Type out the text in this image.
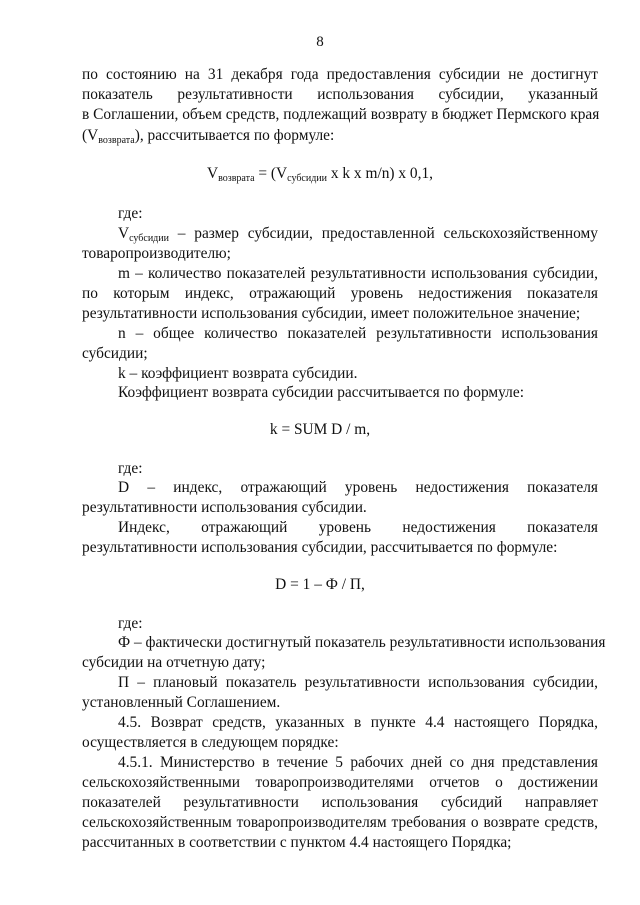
8
по состоянию на 31 декабря года предоставления субсидии не достигнут
показатель результативности использования субсидии, указанный
в Соглашении, объем средств, подлежащий возврату в бюджет Пермского края
$(V_{возврата})$, рассчитывается по формуле:
$V_{возврата} = (V_{субсидии}$ х k х m/n) х 0,1,
где:
$V_{субсидии}$ – размер субсидии, предоставленной сельскохозяйственному
товаропроизводителю;
m – количество показателей результативности использования субсидии,
по которым индекс, отражающий уровень недостижения показателя
результативности использования субсидии, имеет положительное значение;
n – общее количество показателей результативности использования
субсидии;
k – коэффициент возврата субсидии.
Коэффициент возврата субсидии рассчитывается по формуле:
k = SUM D / m,
где:
D – индекс, отражающий уровень недостижения показателя
результативности использования субсидии.
Индекс, отражающий уровень недостижения показателя
результативности использования субсидии, рассчитывается по формуле:
D = 1 – Ф / П,
где:
Ф – фактически достигнутый показатель результативности использования
субсидии на отчетную дату;
П – плановый показатель результативности использования субсидии,
установленный Соглашением.
4.5. Возврат средств, указанных в пункте 4.4 настоящего Порядка,
осуществляется в следующем порядке:
4.5.1. Министерство в течение 5 рабочих дней со дня представления
сельскохозяйственными товаропроизводителями отчетов о достижении
показателей результативности использования субсидий направляет
сельскохозяйственным товаропроизводителям требования о возврате средств,
рассчитанных в соответствии с пунктом 4.4 настоящего Порядка;
